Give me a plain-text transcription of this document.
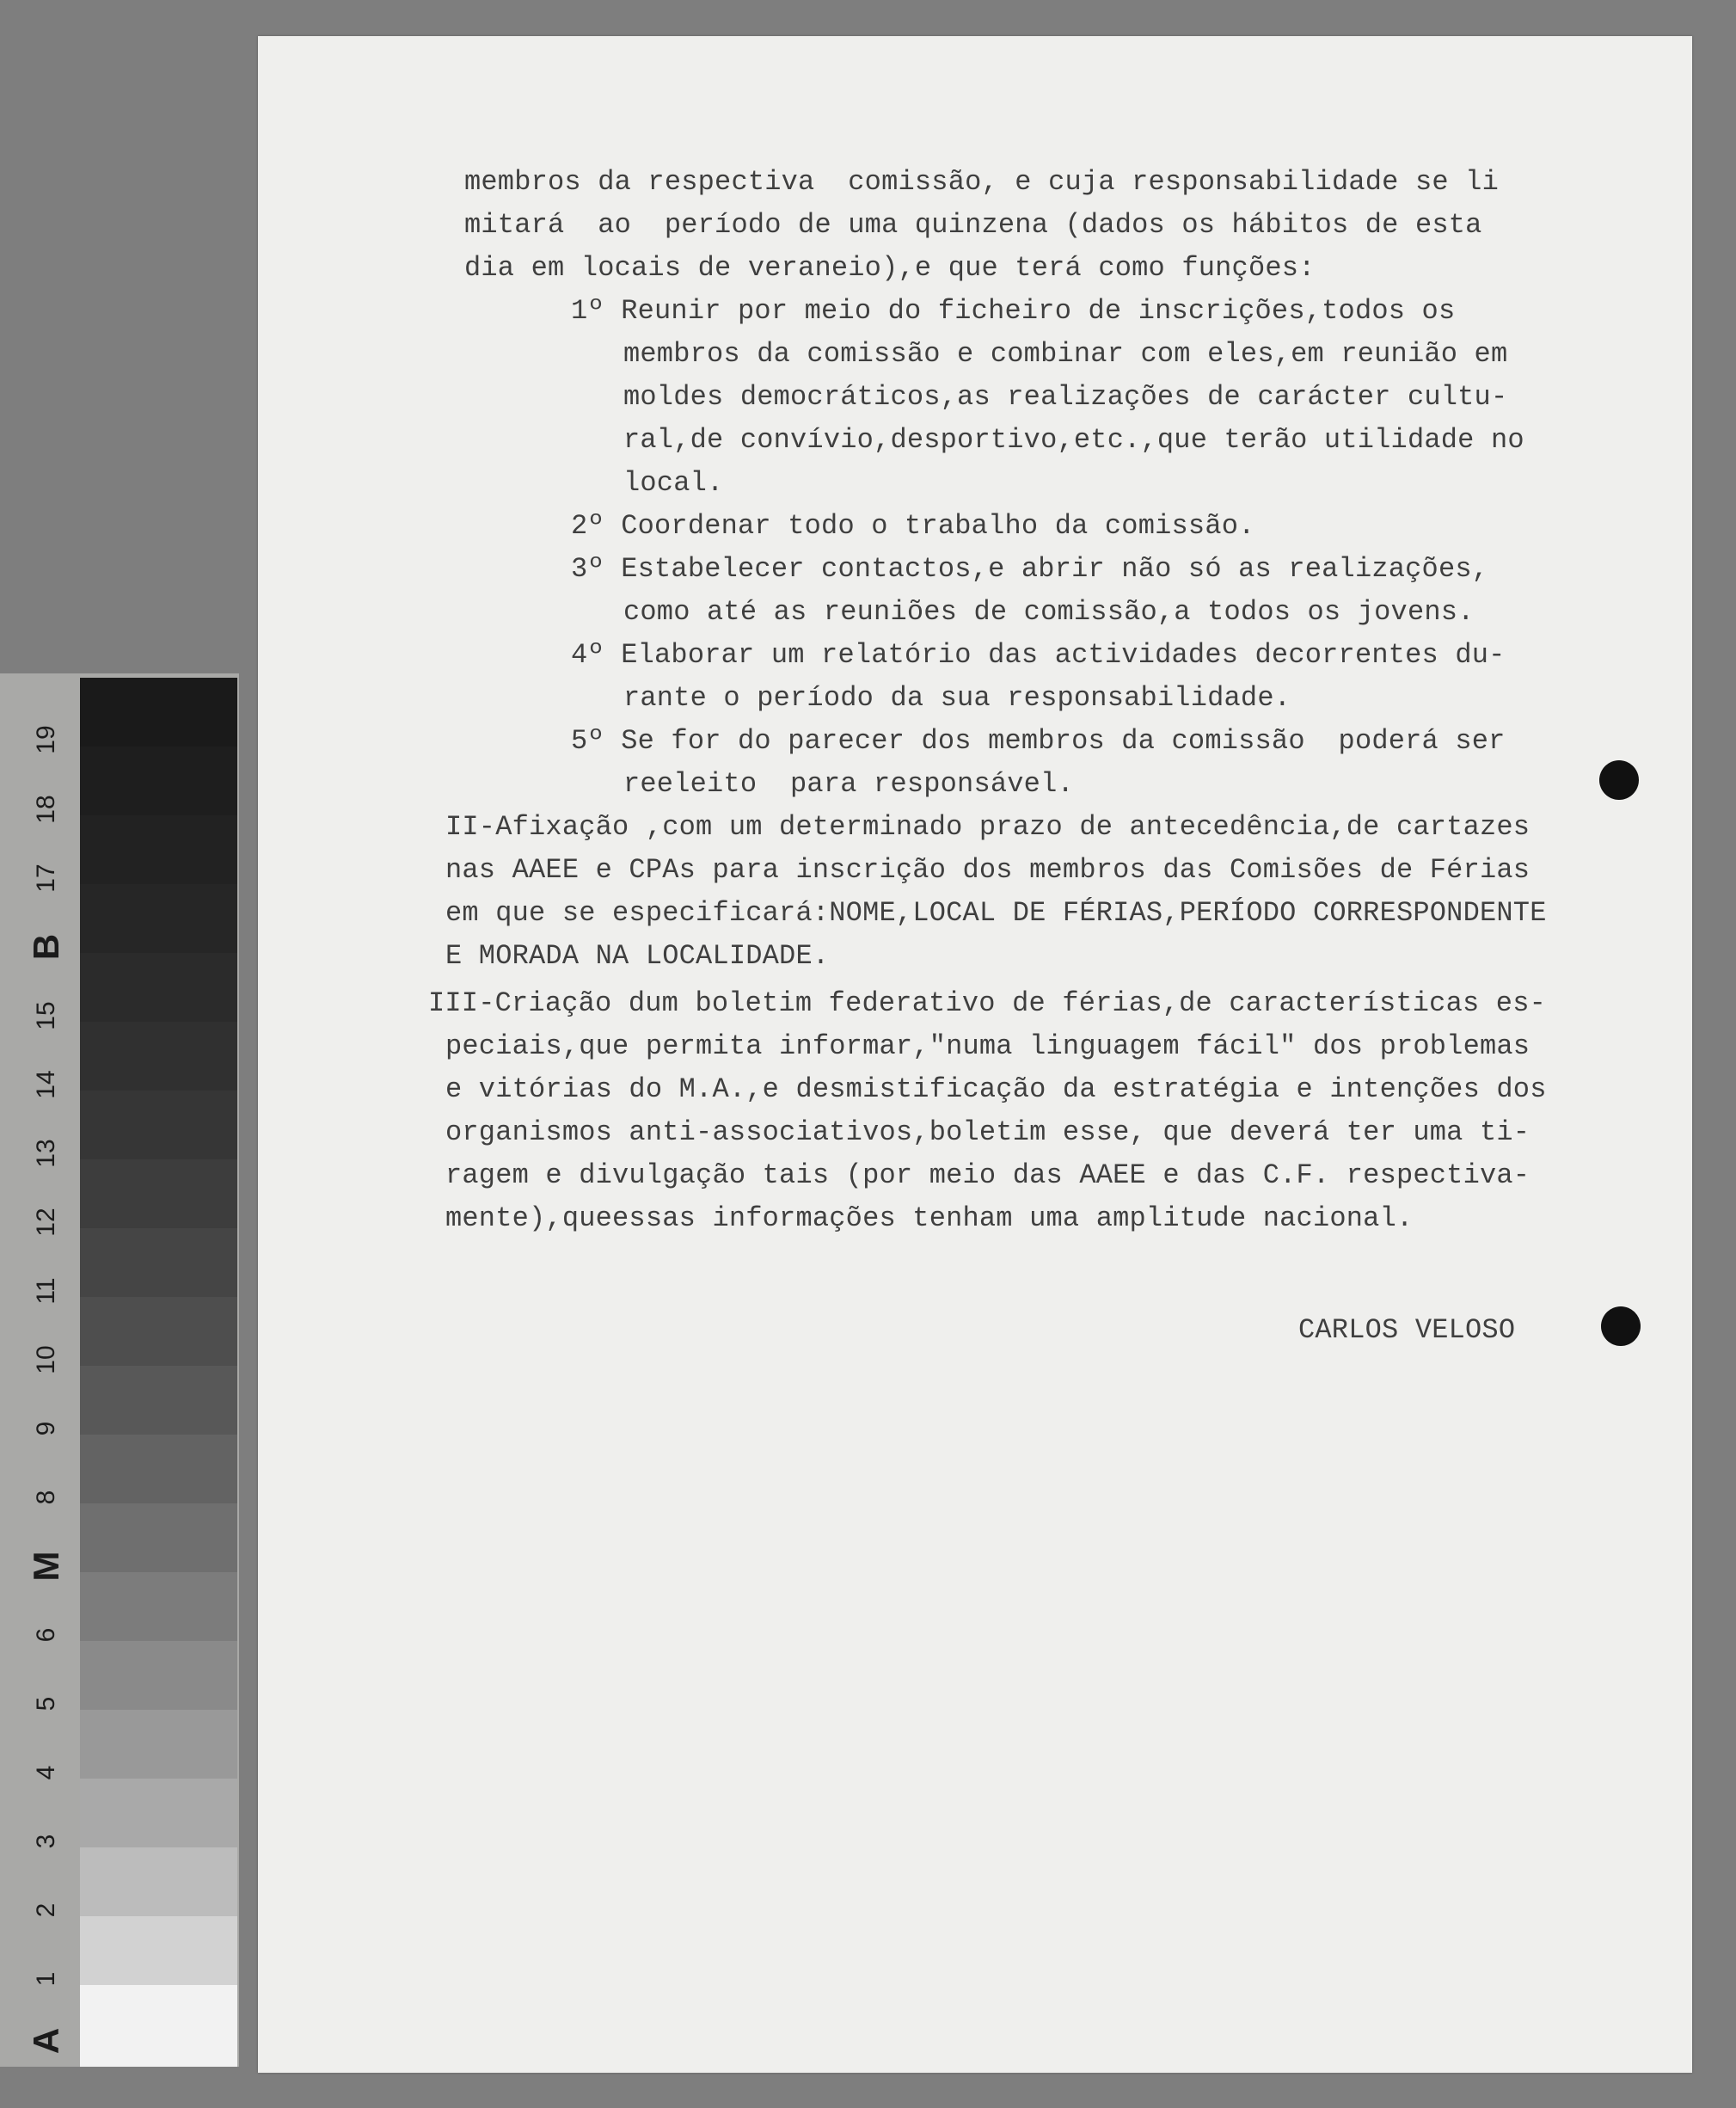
19
18
17
B
15
14
13
12
11
10
9
8
M
6
5
4
3
2
1
A
membros da respectiva  comissão, e cuja responsabilidade se li
mitará  ao  período de uma quinzena (dados os hábitos de esta
dia em locais de veraneio),e que terá como funções:
1º Reunir por meio do ficheiro de inscrições,todos os
membros da comissão e combinar com eles,em reunião em
moldes democráticos,as realizações de carácter cultu-
ral,de convívio,desportivo,etc.,que terão utilidade no
local.
2º Coordenar todo o trabalho da comissão.
3º Estabelecer contactos,e abrir não só as realizações,
como até as reuniões de comissão,a todos os jovens.
4º Elaborar um relatório das actividades decorrentes du-
rante o período da sua responsabilidade.
5º Se for do parecer dos membros da comissão  poderá ser
reeleito  para responsável.
II-Afixação ,com um determinado prazo de antecedência,de cartazes
nas AAEE e CPAs para inscrição dos membros das Comisões de Férias
em que se especificará:NOME,LOCAL DE FÉRIAS,PERÍODO CORRESPONDENTE
E MORADA NA LOCALIDADE.
III-Criação dum boletim federativo de férias,de características es-
peciais,que permita informar,"numa linguagem fácil" dos problemas
e vitórias do M.A.,e desmistificação da estratégia e intenções dos
organismos anti-associativos,boletim esse, que deverá ter uma ti-
ragem e divulgação tais (por meio das AAEE e das C.F. respectiva-
mente),queessas informações tenham uma amplitude nacional.
CARLOS VELOSO
